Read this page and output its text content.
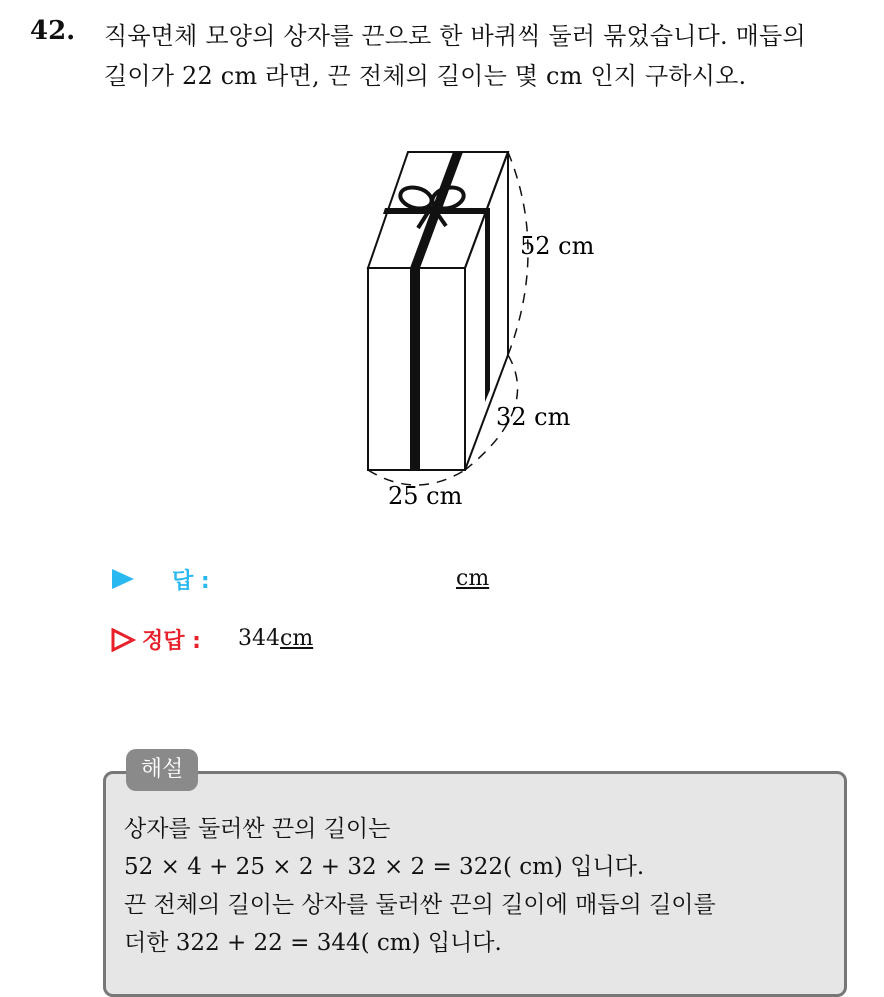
42. 직육면체 모양의 상자를 끈으로 한 바퀴씩 둘러 묶었습니다. 매듭의
길이가 22 cm 라면, 끈 전체의 길이는 몇 cm 인지 구하시오.
52 cm
32 cm
25 cm
답 :	cm
정답 : 344cm
해설
상자를 둘러싼 끈의 길이는
52 × 4 + 25 × 2 + 32 × 2 = 322( cm) 입니다.
끈 전체의 길이는 상자를 둘러싼 끈의 길이에 매듭의 길이를
더한 322 + 22 = 344( cm) 입니다.
